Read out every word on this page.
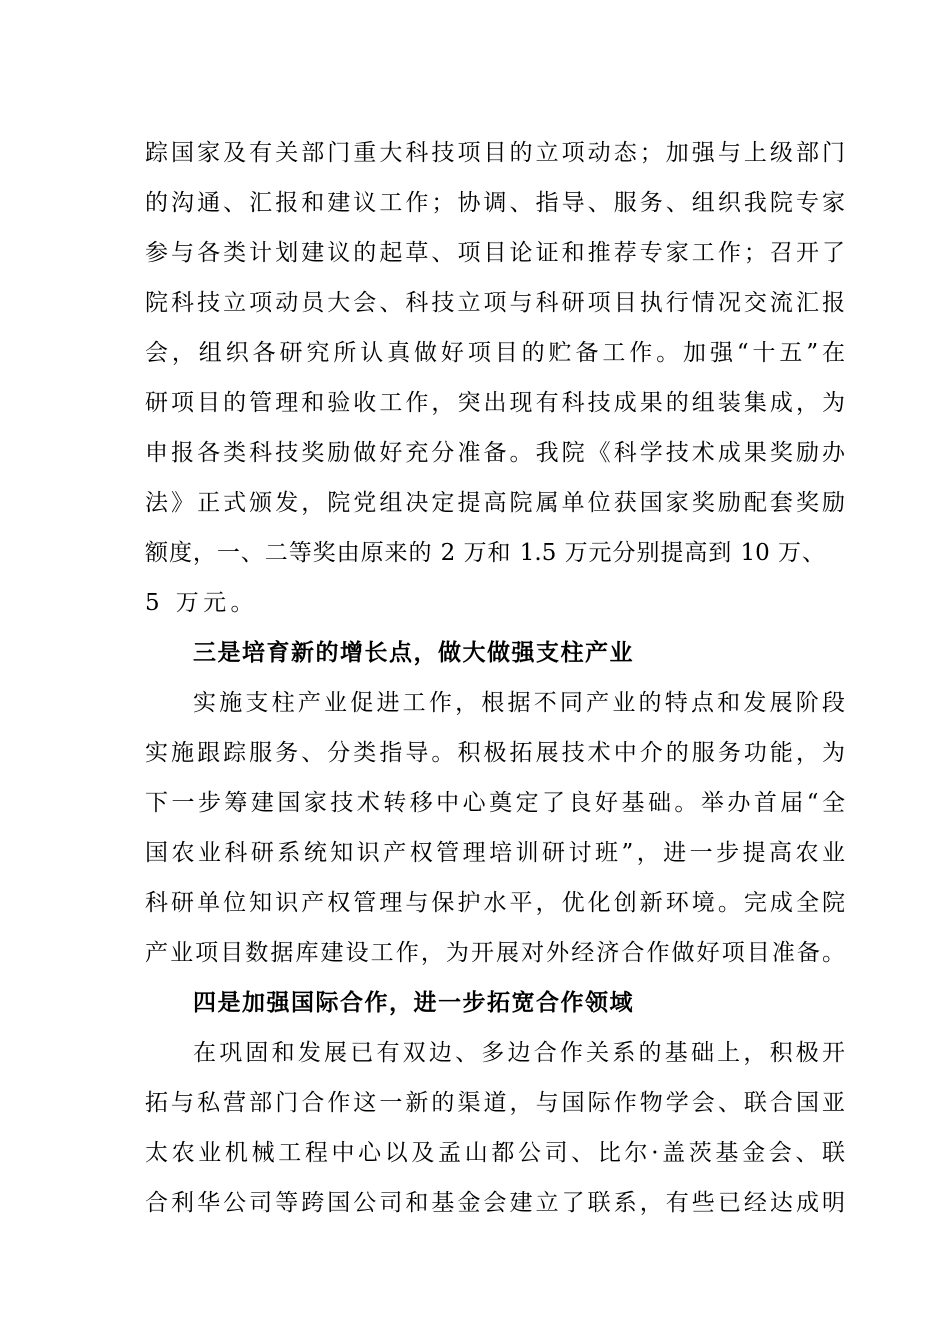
踪国家及有关部门重大科技项目的立项动态；加强与上级部门
的沟通、汇报和建议工作；协调、指导、服务、组织我院专家
参与各类计划建议的起草、项目论证和推荐专家工作；召开了
院科技立项动员大会、科技立项与科研项目执行情况交流汇报
会，组织各研究所认真做好项目的贮备工作。加强“十五”在
研项目的管理和验收工作，突出现有科技成果的组装集成，为
申报各类科技奖励做好充分准备。我院《科学技术成果奖励办
法》正式颁发，院党组决定提高院属单位获国家奖励配套奖励
额度，一、二等奖由原来的 2 万和 1.5 万元分别提高到 10 万、
5 万元。
三是培育新的增长点，做大做强支柱产业
实施支柱产业促进工作，根据不同产业的特点和发展阶段
实施跟踪服务、分类指导。积极拓展技术中介的服务功能，为
下一步筹建国家技术转移中心奠定了良好基础。举办首届“全
国农业科研系统知识产权管理培训研讨班”，进一步提高农业
科研单位知识产权管理与保护水平，优化创新环境。完成全院
产业项目数据库建设工作，为开展对外经济合作做好项目准备。
四是加强国际合作，进一步拓宽合作领域
在巩固和发展已有双边、多边合作关系的基础上，积极开
拓与私营部门合作这一新的渠道，与国际作物学会、联合国亚
太农业机械工程中心以及孟山都公司、比尔·盖茨基金会、联
合利华公司等跨国公司和基金会建立了联系，有些已经达成明
